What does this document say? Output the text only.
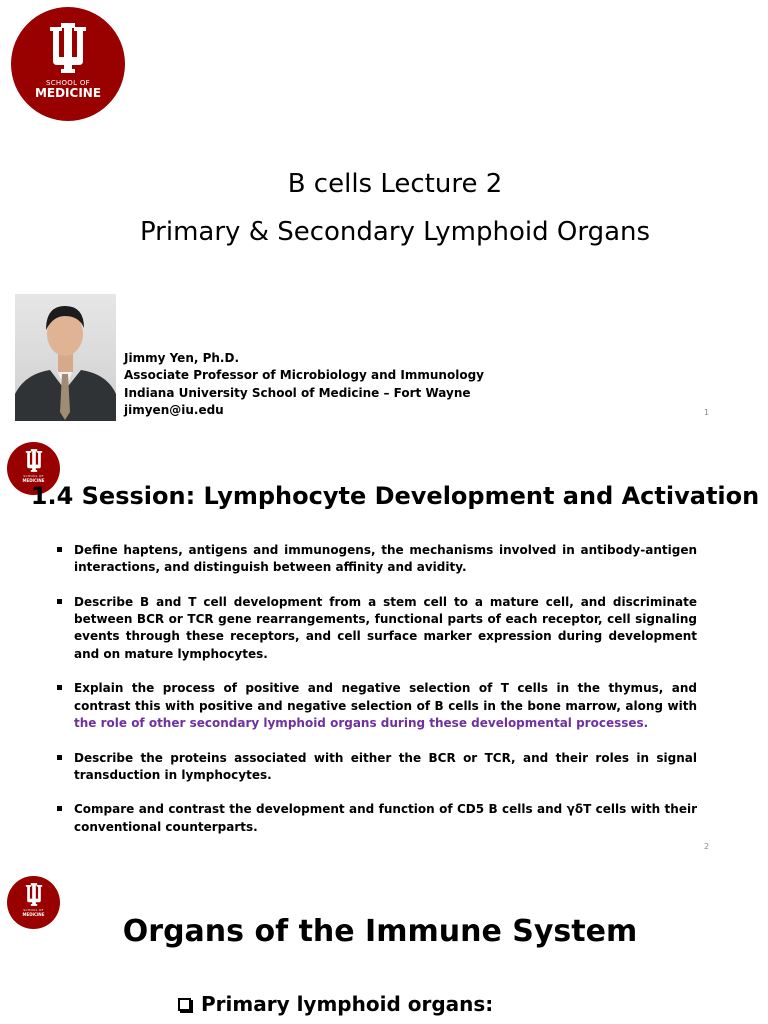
SCHOOL OF
MEDICINE
B cells Lecture 2
Primary & Secondary Lymphoid Organs
Jimmy Yen, Ph.D.
Associate Professor of Microbiology and Immunology
Indiana University School of Medicine – Fort Wayne
jimyen@iu.edu	1
SCHOOL OF
MEDICINE
1.4 Session: Lymphocyte Development and Activation
Define haptens, antigens and immunogens, the mechanisms involved in antibody-antigen interactions, and distinguish between affinity and avidity.
Describe B and T cell development from a stem cell to a mature cell, and discriminate between BCR or TCR gene rearrangements, functional parts of each receptor, cell signaling events through these receptors, and cell surface marker expression during development and on mature lymphocytes.
Explain the process of positive and negative selection of T cells in the thymus, and contrast this with positive and negative selection of B cells in the bone marrow, along with the role of other secondary lymphoid organs during these developmental processes.
Describe the proteins associated with either the BCR or TCR, and their roles in signal transduction in lymphocytes.
Compare and contrast the development and function of CD5 B cells and γδT cells with their conventional counterparts.
2
SCHOOL OF
MEDICINE	Organs of the Immune System
Primary lymphoid organs:
